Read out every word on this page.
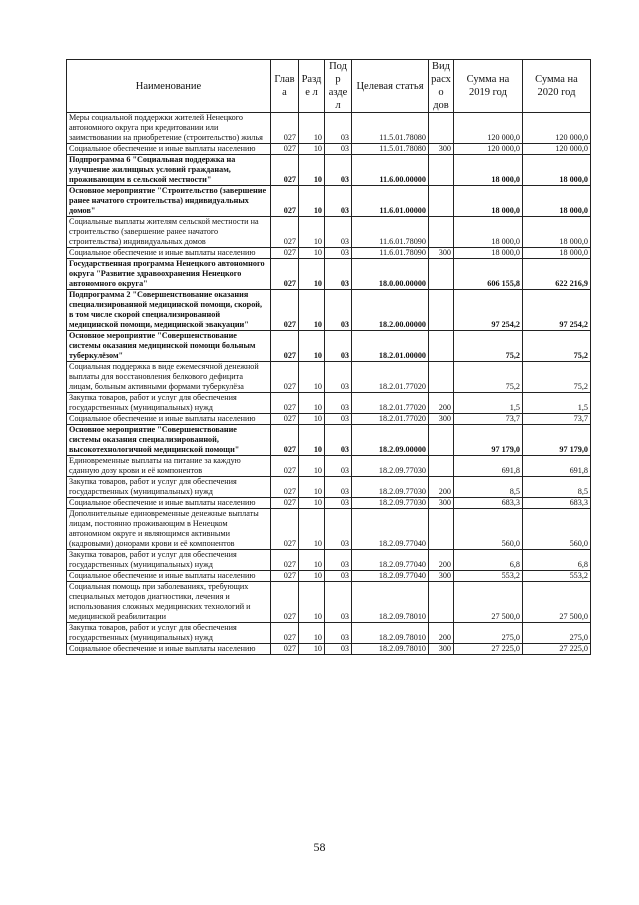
Наименование	Глав а	Разде л	Подр аздел	Целевая статья	Вид расхо дов	Сумма на 2019 год	Сумма на 2020 год
Меры социальной поддержки жителей Ненецкого автономного округа при кредитовании или заимствовании на приобретение (строительство) жилья	027	10	03	11.5.01.78080		120 000,0	120 000,0
Социальное обеспечение и иные выплаты населению	027	10	03	11.5.01.78080	300	120 000,0	120 000,0
Подпрограмма 6 "Социальная поддержка на улучшение жилищных условий гражданам, проживающим в сельской местности"	027	10	03	11.6.00.00000		18 000,0	18 000,0
Основное мероприятие "Строительство (завершение ранее начатого строительства) индивидуальных домов"	027	10	03	11.6.01.00000		18 000,0	18 000,0
Социальные выплаты жителям сельской местности на строительство (завершение ранее начатого строительства) индивидуальных домов	027	10	03	11.6.01.78090		18 000,0	18 000,0
Социальное обеспечение и иные выплаты населению	027	10	03	11.6.01.78090	300	18 000,0	18 000,0
Государственная программа Ненецкого автономного округа "Развитие здравоохранения Ненецкого автономного округа"	027	10	03	18.0.00.00000		606 155,8	622 216,9
Подпрограмма 2 "Совершенствование оказания специализированной медицинской помощи, скорой, в том числе скорой специализированной медицинской помощи, медицинской эвакуации"	027	10	03	18.2.00.00000		97 254,2	97 254,2
Основное мероприятие "Совершенствование системы оказания медицинской помощи больным туберкулёзом"	027	10	03	18.2.01.00000		75,2	75,2
Социальная поддержка в виде ежемесячной денежной выплаты для восстановления белкового дефицита лицам, больным активными формами туберкулёза	027	10	03	18.2.01.77020		75,2	75,2
Закупка товаров, работ и услуг для обеспечения государственных (муниципальных) нужд	027	10	03	18.2.01.77020	200	1,5	1,5
Социальное обеспечение и иные выплаты населению	027	10	03	18.2.01.77020	300	73,7	73,7
Основное мероприятие "Совершенствование системы оказания специализированной, высокотехнологичной медицинской помощи"	027	10	03	18.2.09.00000		97 179,0	97 179,0
Единовременные выплаты на питание за каждую сданную дозу крови и её компонентов	027	10	03	18.2.09.77030		691,8	691,8
Закупка товаров, работ и услуг для обеспечения государственных (муниципальных) нужд	027	10	03	18.2.09.77030	200	8,5	8,5
Социальное обеспечение и иные выплаты населению	027	10	03	18.2.09.77030	300	683,3	683,3
Дополнительные единовременные денежные выплаты лицам, постоянно проживающим в Ненецком автономном округе и являющимся активными (кадровыми) донорами крови и её компонентов	027	10	03	18.2.09.77040		560,0	560,0
Закупка товаров, работ и услуг для обеспечения государственных (муниципальных) нужд	027	10	03	18.2.09.77040	200	6,8	6,8
Социальное обеспечение и иные выплаты населению	027	10	03	18.2.09.77040	300	553,2	553,2
Социальная помощь при заболеваниях, требующих специальных методов диагностики, лечения и использования сложных медицинских технологий и медицинской реабилитации	027	10	03	18.2.09.78010		27 500,0	27 500,0
Закупка товаров, работ и услуг для обеспечения государственных (муниципальных) нужд	027	10	03	18.2.09.78010	200	275,0	275,0
Социальное обеспечение и иные выплаты населению	027	10	03	18.2.09.78010	300	27 225,0	27 225,0
58
